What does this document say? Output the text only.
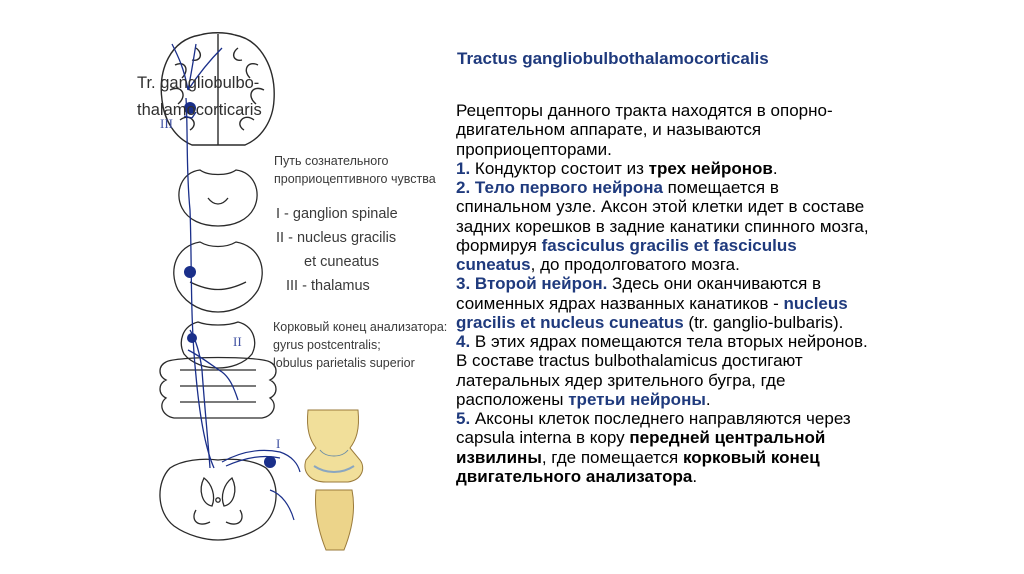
III
II
I
Tr. gangliobulbo-
thalamocorticaris
Путь сознательного
проприоцептивного чувства
I - ganglion spinale
II - nucleus gracilis
et cuneatus
III - thalamus
Корковый конец анализатора:
gyrus postcentralis;
lobulus parietalis superior
Tractus gangliobulbothalamocorticalis

Рецепторы данного тракта находятся в опорно-

двигательном аппарате, и называются

проприоцепторами.

1. Кондуктор состоит из трех нейронов.

2. Тело первого нейрона помещается в

спинальном узле. Аксон этой клетки идет в составе

задних корешков в задние канатики спинного мозга,

формируя fasciculus gracilis et fasciculus

cuneatus, до продолговатого мозга.

3. Второй нейрон. Здесь они оканчиваются в

соименных ядрах названных канатиков - nucleus

gracilis et nucleus cuneatus (tr. ganglio-bulbaris).

4. В этих ядрах помещаются тела вторых нейронов.

В составе tractus bulbothalamicus достигают

латеральных ядер зрительного бугра, где

расположены третьи нейроны.

5. Аксоны клеток последнего направляются через

capsula interna в кору передней центральной

извилины, где помещается корковый конец

двигательного анализатора.
